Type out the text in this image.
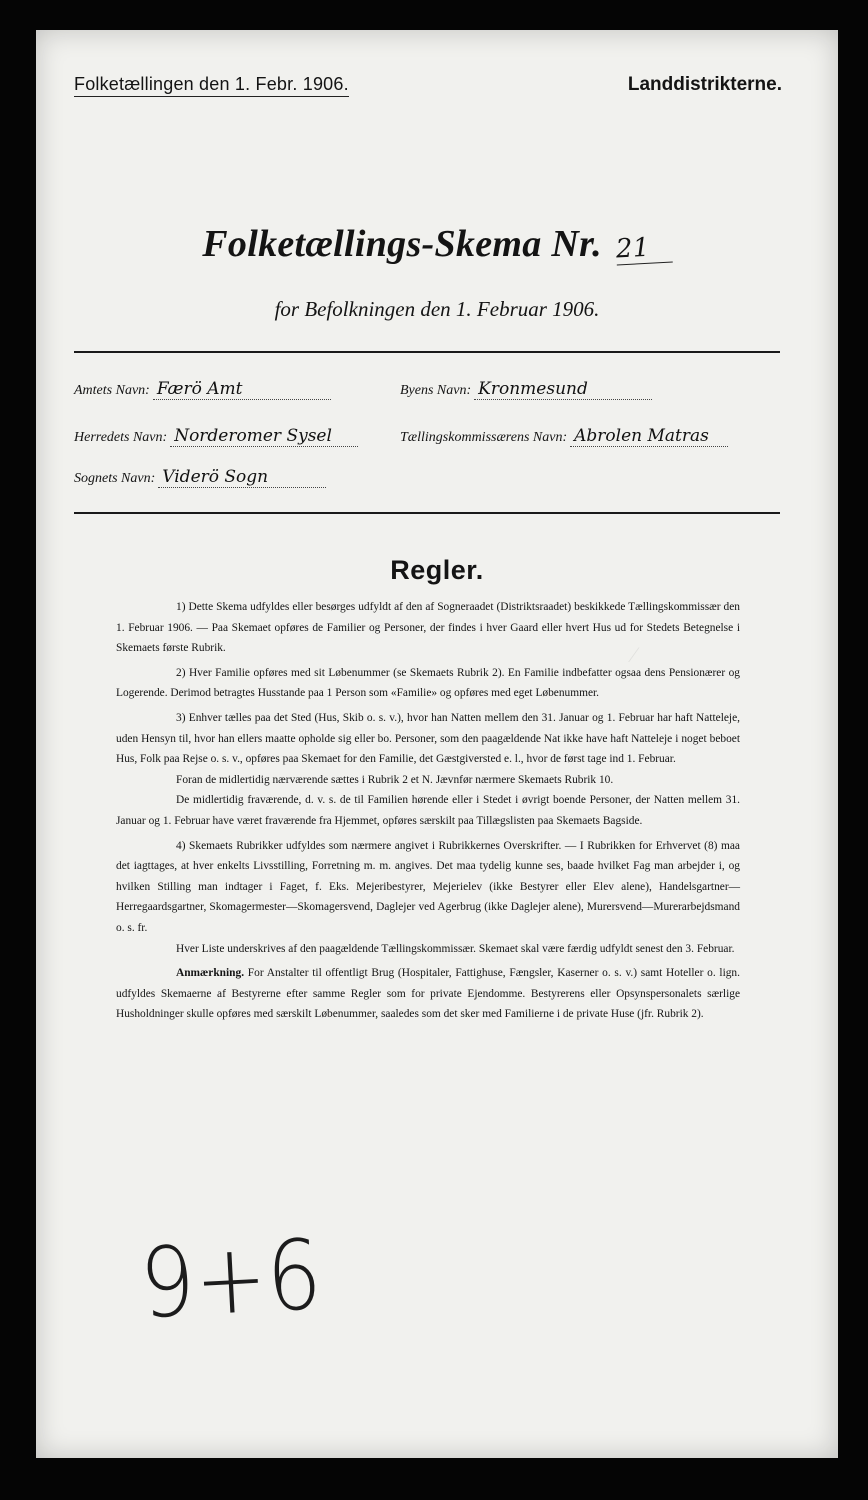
⁄
Folketællingen den 1. Febr. 1906.	Landdistrikterne.
Folketællings-Skema Nr. 21
for Befolkningen den 1. Februar 1906.
Amtets Navn: Færö Amt	Byens Navn: Kronmesund
Herredets Navn: Norderomer Sysel	Tællingskommissærens Navn: Abrolen Matras
Sognets Navn: Viderö Sogn
Regler.

1) Dette Skema udfyldes eller besørges udfyldt af den af Sogneraadet (Distriktsraadet) beskikkede Tællingskommissær den 1. Februar 1906. — Paa Skemaet opføres de Familier og Personer, der findes i hver Gaard eller hvert Hus ud for Stedets Betegnelse i Skemaets første Rubrik.

2) Hver Familie opføres med sit Løbenummer (se Skemaets Rubrik 2). En Familie indbefatter ogsaa dens Pensionærer og Logerende. Derimod betragtes Husstande paa 1 Person som «Familie» og opføres med eget Løbenummer.

3) Enhver tælles paa det Sted (Hus, Skib o. s. v.), hvor han Natten mellem den 31. Januar og 1. Februar har haft Natteleje, uden Hensyn til, hvor han ellers maatte opholde sig eller bo. Personer, som den paagældende Nat ikke have haft Natteleje i noget beboet Hus, Folk paa Rejse o. s. v., opføres paa Skemaet for den Familie, det Gæstgiversted e. l., hvor de først tage ind 1. Februar.

Foran de midlertidig nærværende sættes i Rubrik 2 et N. Jævnfør nærmere Skemaets Rubrik 10.

De midlertidig fraværende, d. v. s. de til Familien hørende eller i Stedet i øvrigt boende Personer, der Natten mellem 31. Januar og 1. Februar have været fraværende fra Hjemmet, opføres særskilt paa Tillægslisten paa Skemaets Bagside.

4) Skemaets Rubrikker udfyldes som nærmere angivet i Rubrikkernes Overskrifter. — I Rubrikken for Erhvervet (8) maa det iagttages, at hver enkelts Livsstilling, Forretning m. m. angives. Det maa tydelig kunne ses, baade hvilket Fag man arbejder i, og hvilken Stilling man indtager i Faget, f. Eks. Mejeribestyrer, Mejerielev (ikke Bestyrer eller Elev alene), Handelsgartner—Herregaardsgartner, Skomagermester—Skomagersvend, Daglejer ved Agerbrug (ikke Daglejer alene), Murersvend—Murerarbejdsmand o. s. fr.

Hver Liste underskrives af den paagældende Tællingskommissær. Skemaet skal være færdig udfyldt senest den 3. Februar.

Anmærkning. For Anstalter til offentligt Brug (Hospitaler, Fattighuse, Fængsler, Kaserner o. s. v.) samt Hoteller o. lign. udfyldes Skemaerne af Bestyrerne efter samme Regler som for private Ejendomme. Bestyrerens eller Opsynspersonalets særlige Husholdninger skulle opføres med særskilt Løbenummer, saaledes som det sker med Familierne i de private Huse (jfr. Rubrik 2).

9+6
